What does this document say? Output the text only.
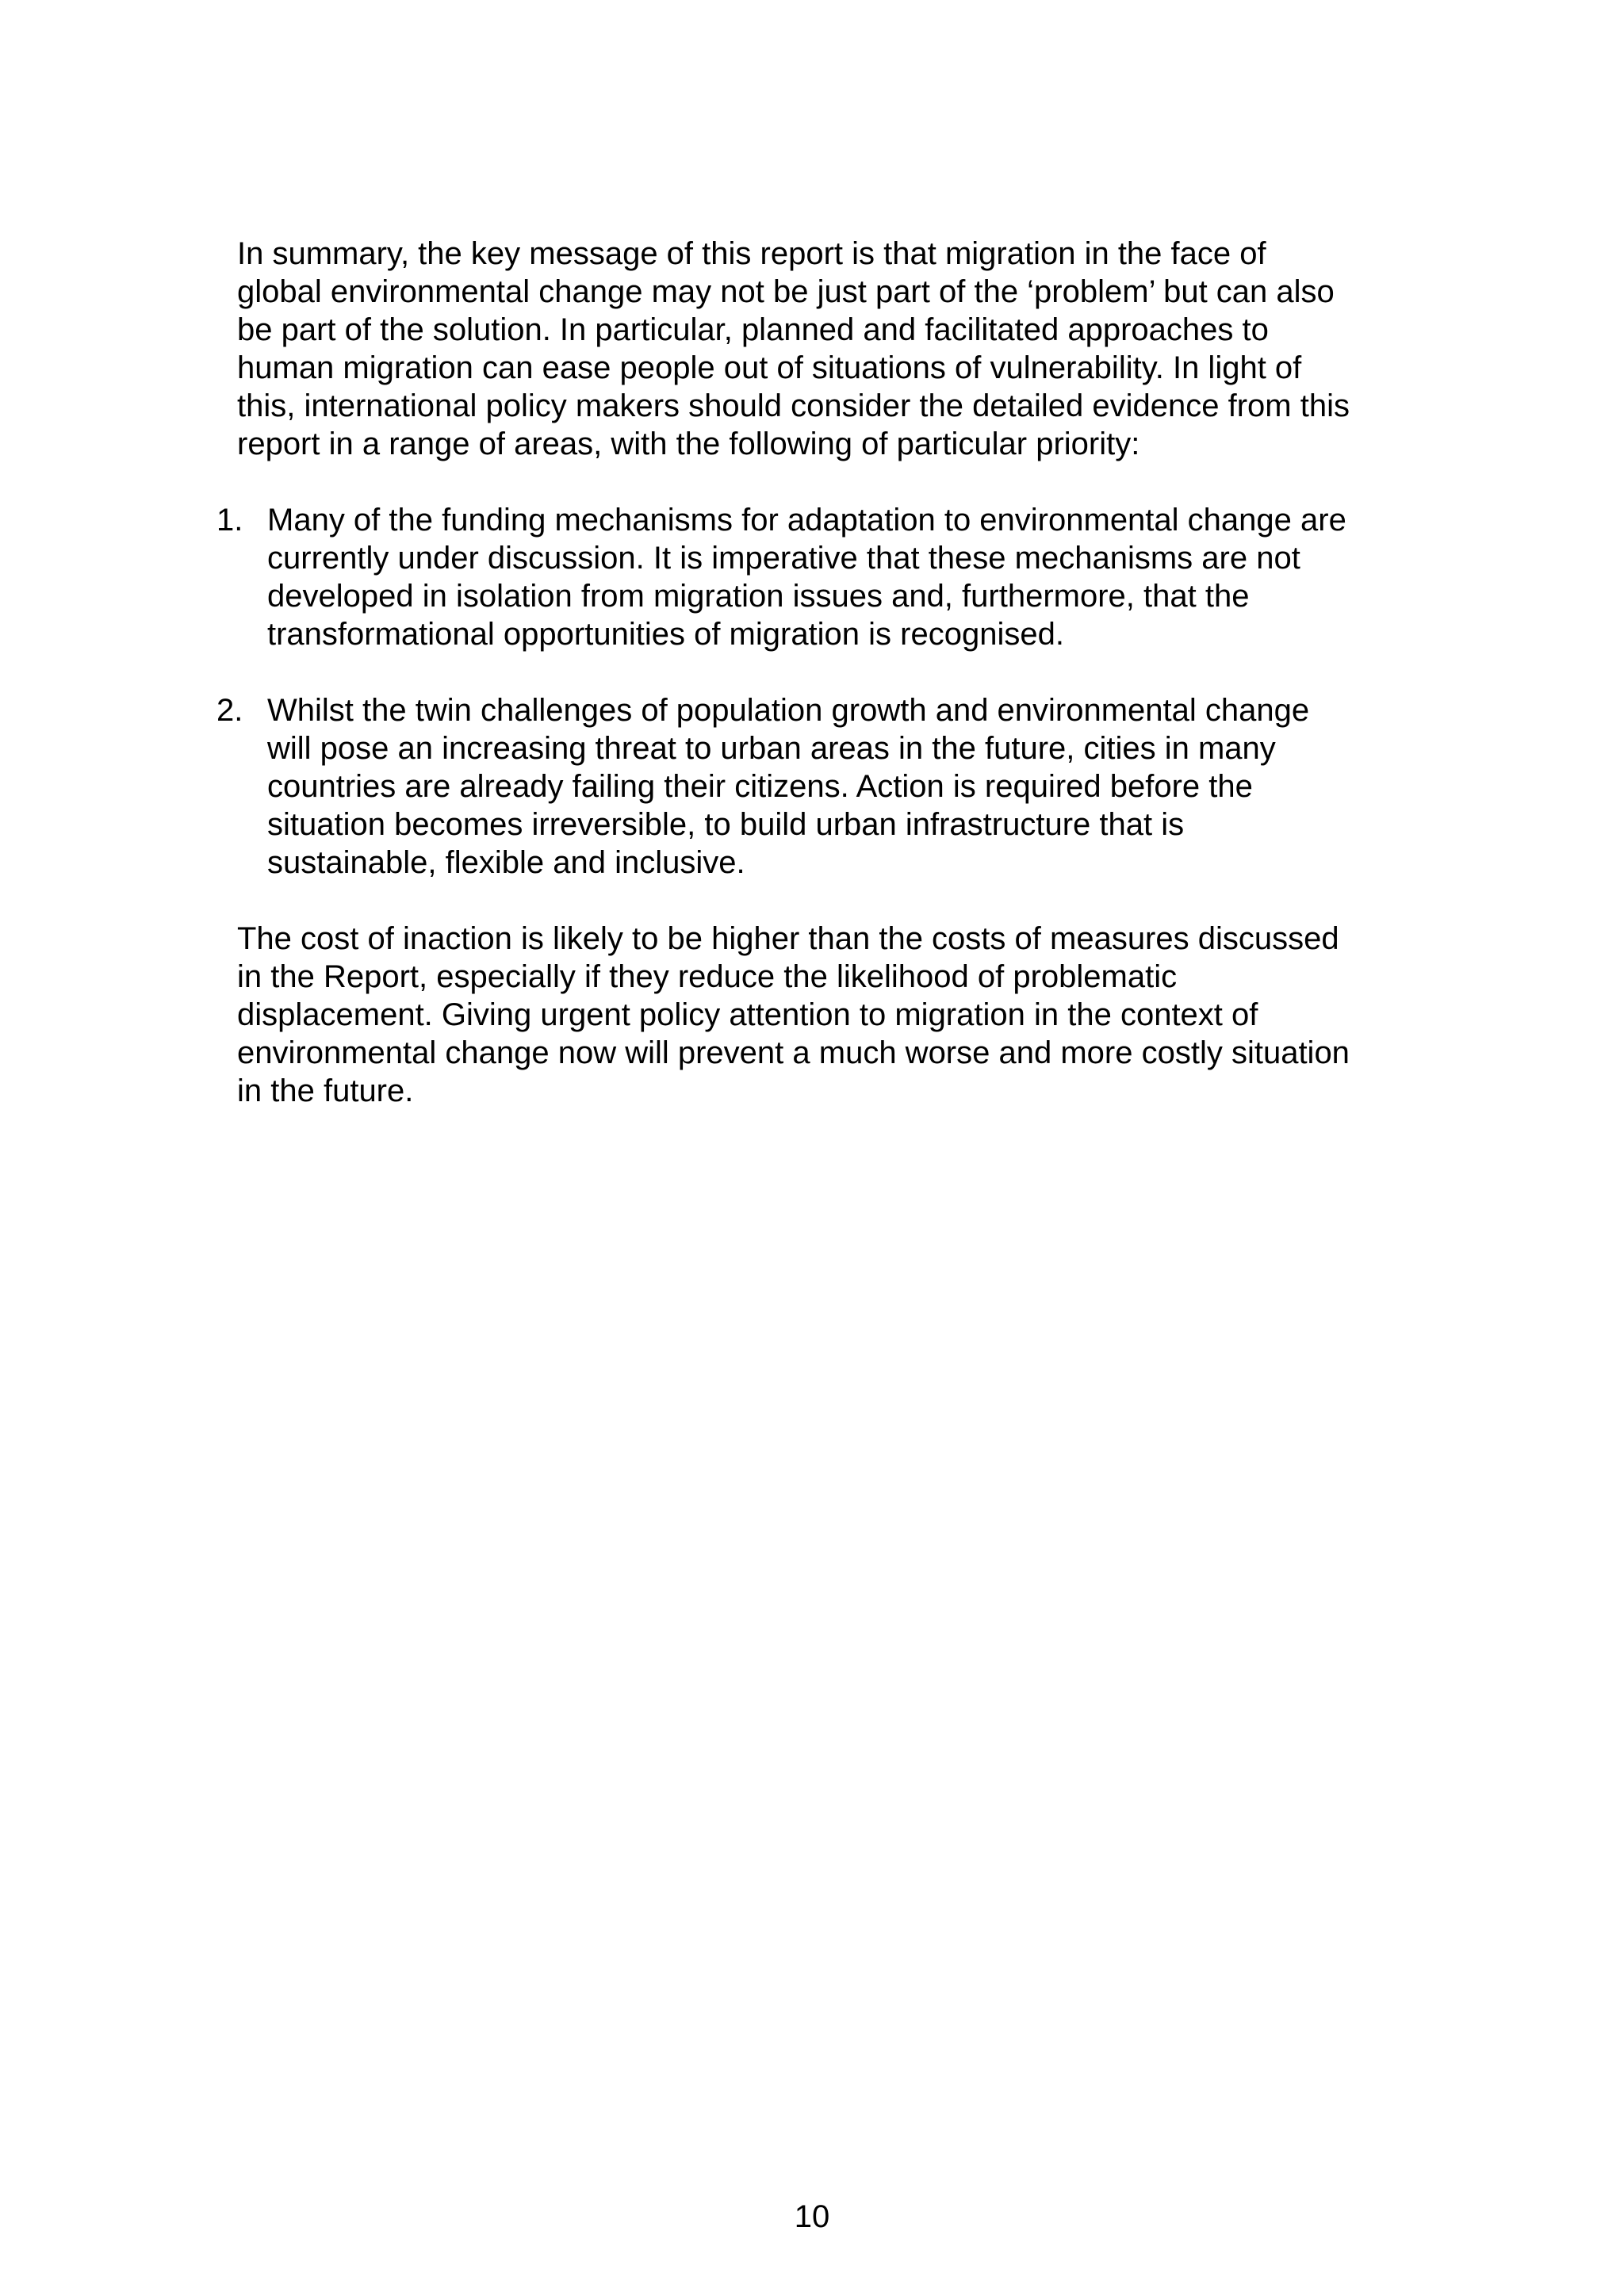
In summary, the key message of this report is that migration in the face of
global environmental change may not be just part of the ‘problem’ but can also
be part of the solution. In particular, planned and facilitated approaches to
human migration can ease people out of situations of vulnerability. In light of
this, international policy makers should consider the detailed evidence from this
report in a range of areas, with the following of particular priority:

1. Many of the funding mechanisms for adaptation to environmental change are
currently under discussion. It is imperative that these mechanisms are not
developed in isolation from migration issues and, furthermore, that the
transformational opportunities of migration is recognised.
2. Whilst the twin challenges of population growth and environmental change
will pose an increasing threat to urban areas in the future, cities in many
countries are already failing their citizens. Action is required before the
situation becomes irreversible, to build urban infrastructure that is
sustainable, flexible and inclusive.

The cost of inaction is likely to be higher than the costs of measures discussed
in the Report, especially if they reduce the likelihood of problematic
displacement. Giving urgent policy attention to migration in the context of
environmental change now will prevent a much worse and more costly situation
in the future.

10
